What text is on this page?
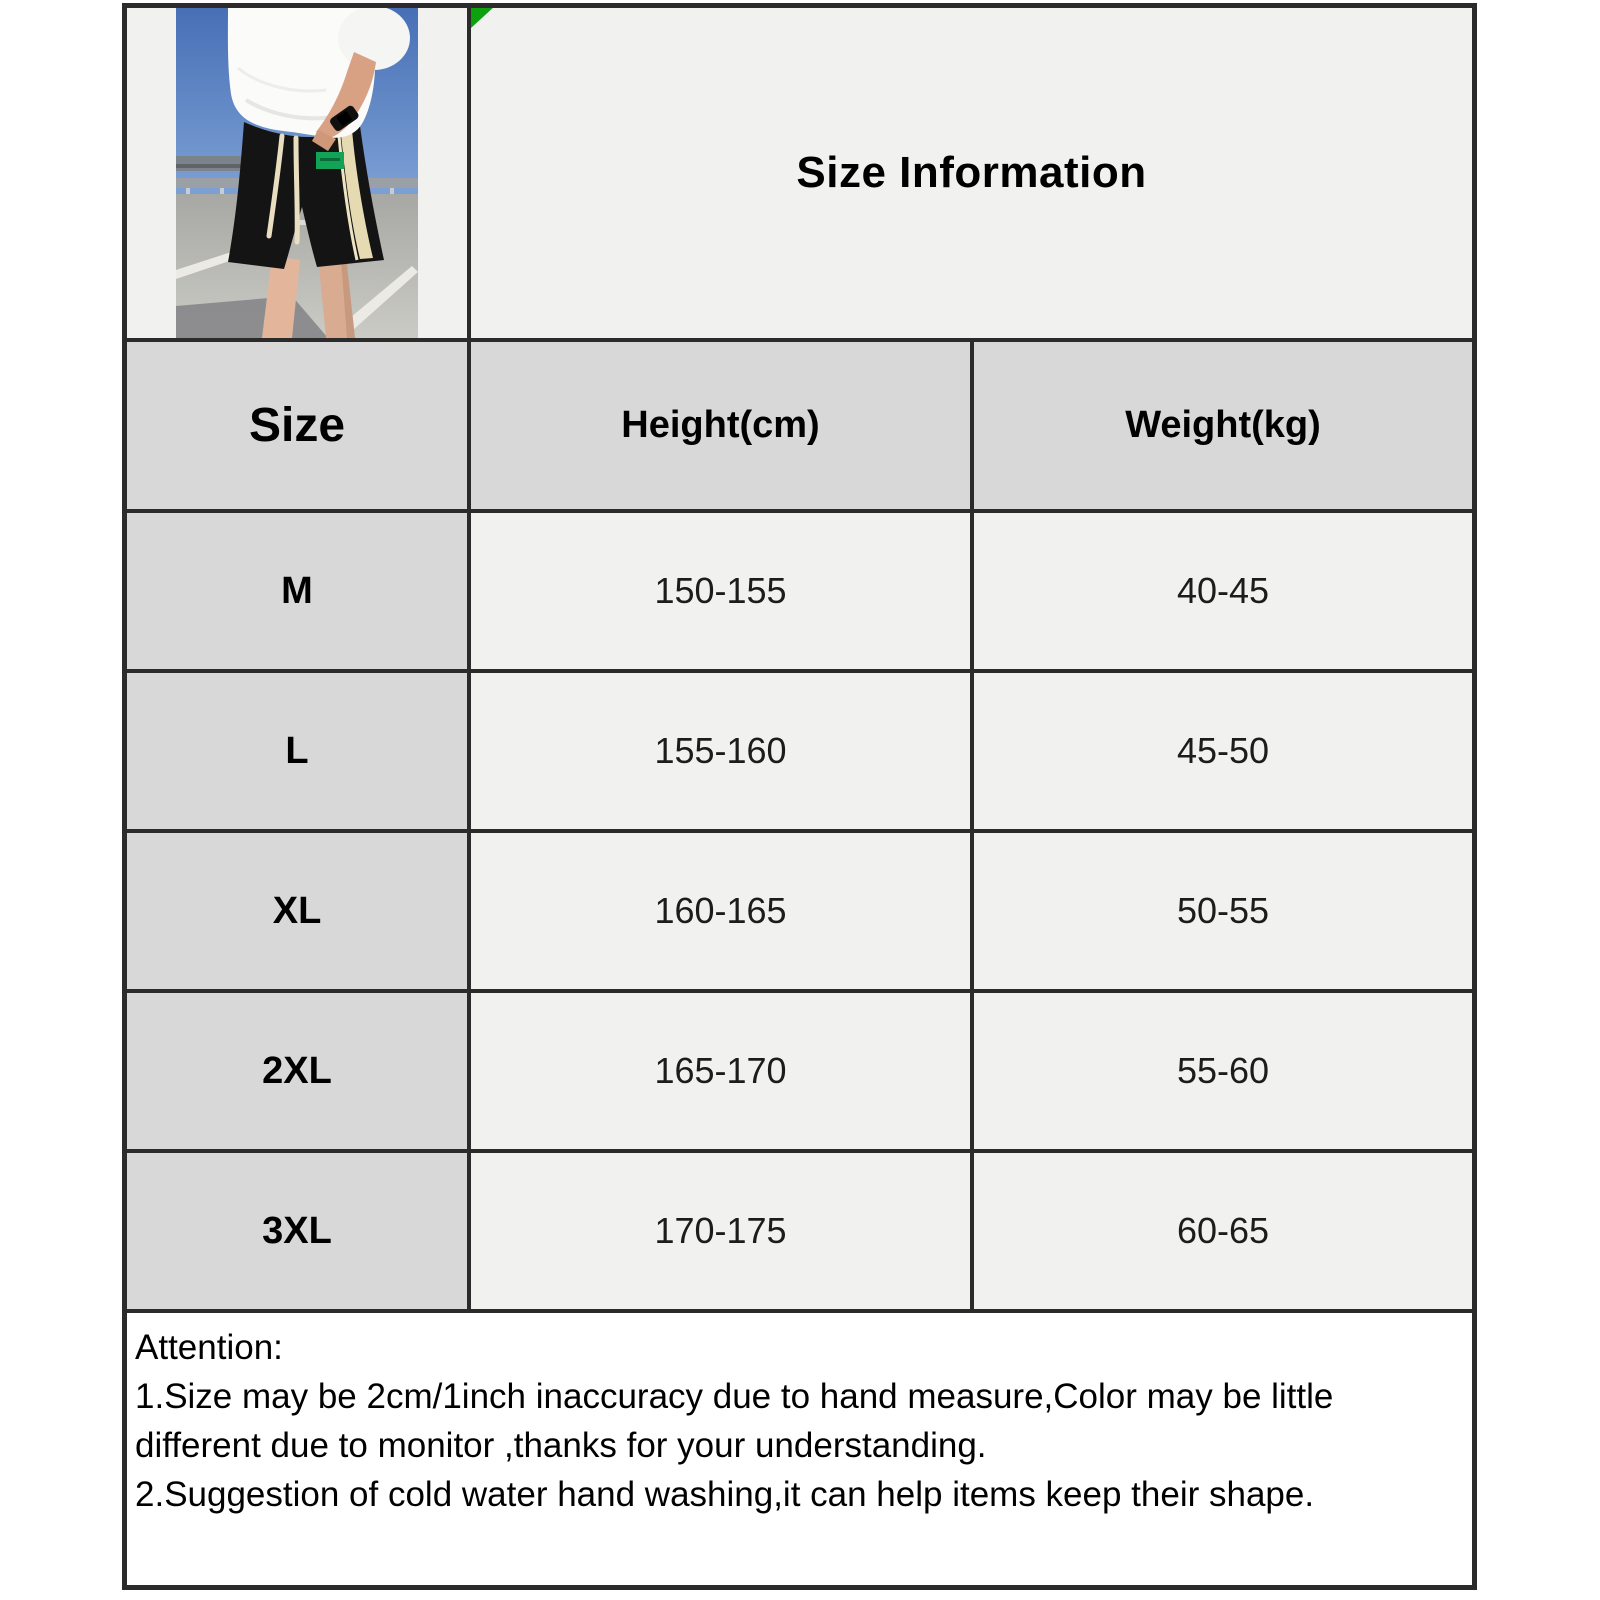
Size Information
Size	Height(cm)	Weight(kg)
M	150-155	40-45
L	155-160	45-50
XL	160-165	50-55
2XL	165-170	55-60
3XL	170-175	60-65
Attention:
1.Size may be 2cm/1inch inaccuracy due to hand measure,Color may be little different due to monitor ,thanks for your understanding.
2.Suggestion of cold water hand washing,it can help items keep their shape.
